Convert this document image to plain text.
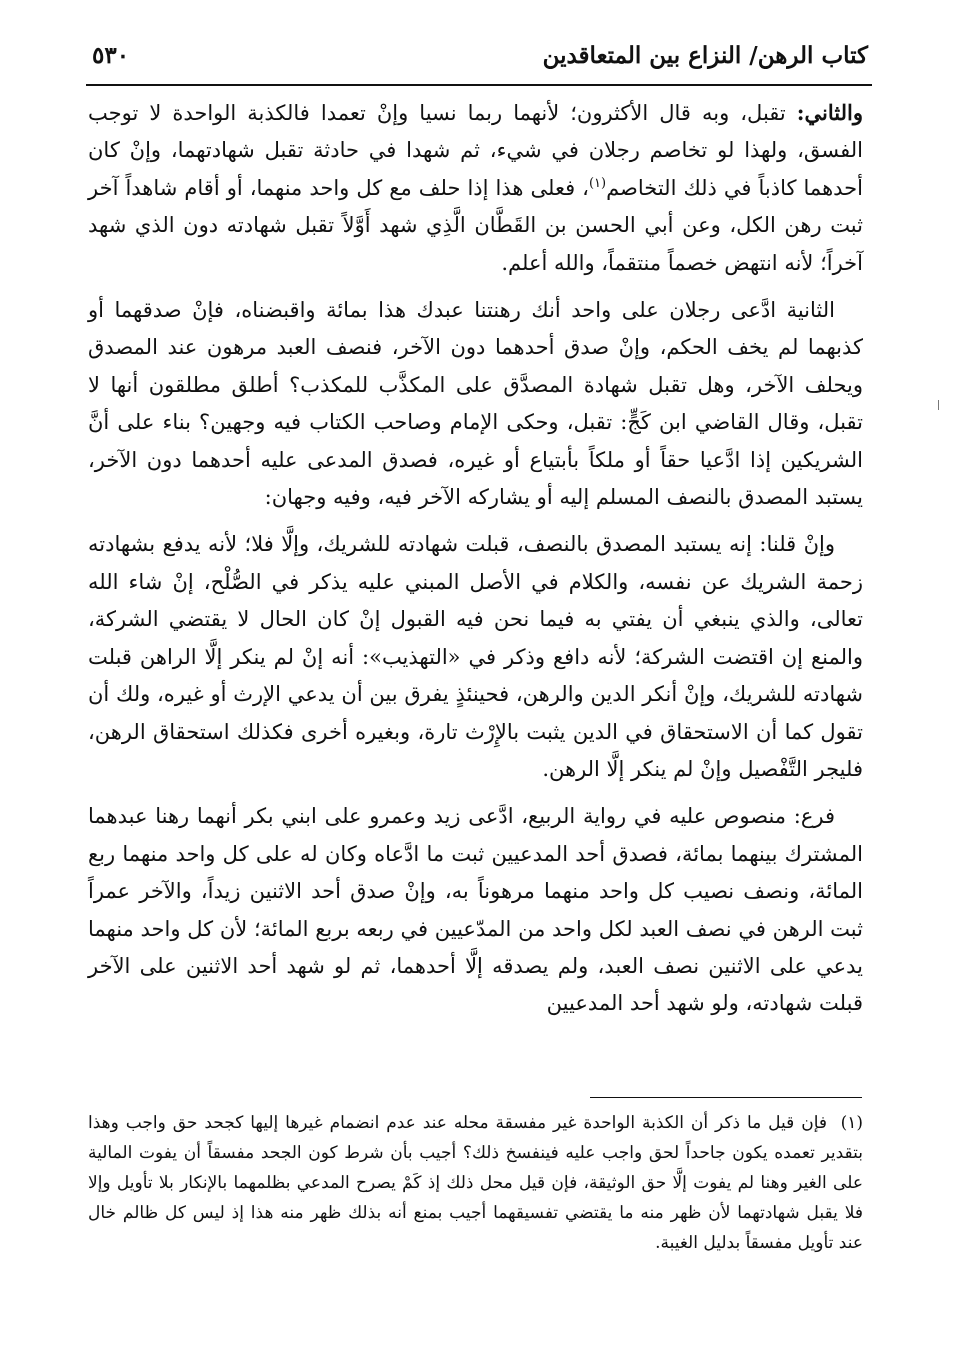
كتاب الرهن/ النزاع بين المتعاقدين
٥٣٠

والثاني: تقبل، وبه قال الأكثرون؛ لأنهما ربما نسيا وإنْ تعمدا فالكذبة الواحدة لا توجب الفسق، ولهذا لو تخاصم رجلان في شيء، ثم شهدا في حادثة تقبل شهادتهما، وإنْ كان أحدهما كاذباً في ذلك التخاصم$^{(١)}$، فعلى هذا إذا حلف مع كل واحد منهما، أو أقام شاهداً آخر ثبت رهن الكل، وعن أبي الحسن بن القَطَّان الَّذِي شهد أَوَّلاً تقبل شهادته دون الذي شهد آخراً؛ لأنه انتهض خصماً منتقماً، والله أعلم.

الثانية ادَّعى رجلان على واحد أنك رهنتنا عبدك هذا بمائة واقبضناه، فإنْ صدقهما أو كذبهما لم يخف الحكم، وإنْ صدق أحدهما دون الآخر، فنصف العبد مرهون عند المصدق ويحلف الآخر، وهل تقبل شهادة المصدَّق على المكذَّب للمكذب؟ أطلق مطلقون أنها لا تقبل، وقال القاضي ابن كَجٍّ: تقبل، وحكى الإمام وصاحب الكتاب فيه وجهين؟ بناء على أنَّ الشريكين إذا ادَّعيا حقاً أو ملكاً بأبتياع أو غيره، فصدق المدعى عليه أحدهما دون الآخر، يستبد المصدق بالنصف المسلم إليه أو يشاركه الآخر فيه، وفيه وجهان:

وإنْ قلنا: إنه يستبد المصدق بالنصف، قبلت شهادته للشريك، وإلَّا فلا؛ لأنه يدفع بشهادته زحمة الشريك عن نفسه، والكلام في الأصل المبني عليه يذكر في الصُّلْح، إنْ شاء الله تعالى، والذي ينبغي أن يفتي به فيما نحن فيه القبول إنْ كان الحال لا يقتضي الشركة، والمنع إن اقتضت الشركة؛ لأنه دافع وذكر في «التهذيب»: أنه إنْ لم ينكر إلَّا الراهن قبلت شهادته للشريك، وإنْ أنكر الدين والرهن، فحينئذٍ يفرق بين أن يدعي الإرث أو غيره، ولك أن تقول كما أن الاستحقاق في الدين يثبت بالإِرْث تارة، وبغيره أخرى فكذلك استحقاق الرهن، فليجر التَّفْصيل وإنْ لم ينكر إلَّا الرهن.

فرع: منصوص عليه في رواية الربيع، ادَّعى زيد وعمرو على ابني بكر أنهما رهنا عبدهما المشترك بينهما بمائة، فصدق أحد المدعيين ثبت ما ادَّعاه وكان له على كل واحد منهما ربع المائة، ونصف نصيب كل واحد منهما مرهوناً به، وإنْ صدق أحد الاثنين زيداً، والآخر عمراً ثبت الرهن في نصف العبد لكل واحد من المدّعيين في ربعه بربع المائة؛ لأن كل واحد منهما يدعي على الاثنين نصف العبد، ولم يصدقه إلَّا أحدهما، ثم لو شهد أحد الاثنين على الآخر قبلت شهادته، ولو شهد أحد المدعيين

(١)فإن قيل ما ذكر أن الكذبة الواحدة غير مفسقة محله عند عدم انضمام غيرها إليها كجحد حق واجب وهذا بتقدير تعمده يكون جاحداً لحق واجب عليه فينفسخ ذلك؟ أجيب بأن شرط كون الجحد مفسقاً أن يفوت المالية على الغير وهنا لم يفوت إلَّا حق الوثيقة، فإن قيل محل ذلك إذ كَمْ يصرح المدعي بظلمهما بالإنكار بلا تأويل وإلا فلا يقبل شهادتهما لأن ظهر منه ما يقتضي تفسيقهما أجيب بمنع أنه بذلك ظهر منه هذا إذ ليس كل ظالم خال عند تأويل مفسقاً بدليل الغيبة.
